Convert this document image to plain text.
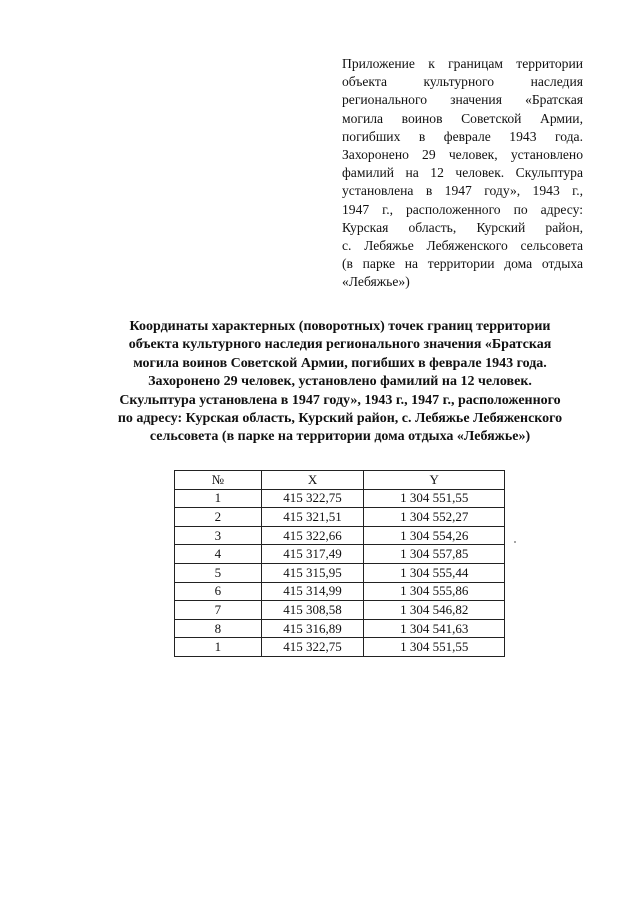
Приложение к границам территории
объекта культурного наследия
регионального значения «Братская
могила воинов Советской Армии,
погибших в феврале 1943 года.
Захоронено 29 человек, установлено
фамилий на 12 человек. Скульптура
установлена в 1947 году», 1943 г.,
1947 г., расположенного по адресу:
Курская область, Курский район,
с. Лебяжье Лебяженского сельсовета
(в парке на территории дома отдыха
«Лебяжье»)
Координаты характерных (поворотных) точек границ территории
объекта культурного наследия регионального значения «Братская
могила воинов Советской Армии, погибших в феврале 1943 года.
Захоронено 29 человек, установлено фамилий на 12 человек.
Скульптура установлена в 1947 году», 1943 г., 1947 г., расположенного
по адресу: Курская область, Курский район, с. Лебяжье Лебяженского
сельсовета (в парке на территории дома отдыха «Лебяжье»)
№	X	Y
1	415 322,75	1 304 551,55
2	415 321,51	1 304 552,27
3	415 322,66	1 304 554,26
4	415 317,49	1 304 557,85
5	415 315,95	1 304 555,44
6	415 314,99	1 304 555,86
7	415 308,58	1 304 546,82
8	415 316,89	1 304 541,63
1	415 322,75	1 304 551,55
